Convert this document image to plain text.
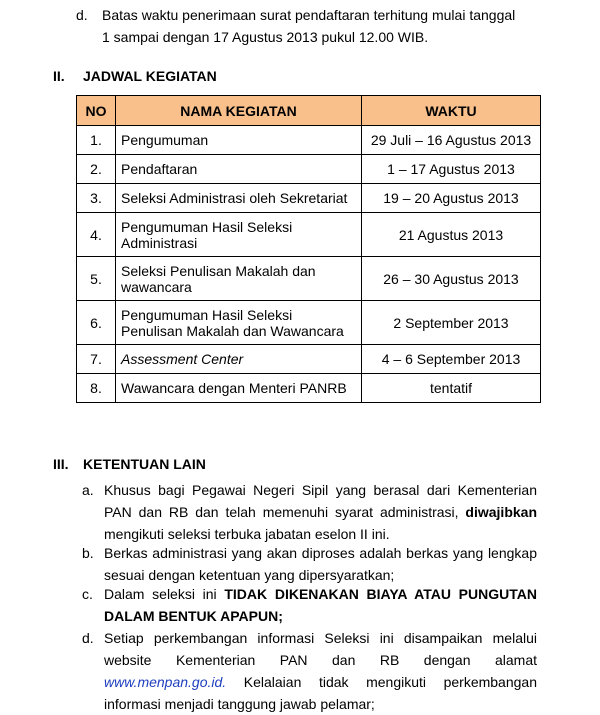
d. Batas waktu penerimaan surat pendaftaran terhitung mulai tanggal
1 sampai dengan 17 Agustus 2013 pukul 12.00 WIB.
II. JADWAL KEGIATAN
NO	NAMA KEGIATAN	WAKTU
1.	Pengumuman	29 Juli – 16 Agustus 2013
2.	Pendaftaran	1 – 17 Agustus 2013
3.	Seleksi Administrasi oleh Sekretariat	19 – 20 Agustus 2013
4.	Pengumuman Hasil Seleksi Administrasi	21 Agustus 2013
5.	Seleksi Penulisan Makalah dan wawancara	26 – 30 Agustus 2013
6.	Pengumuman Hasil Seleksi Penulisan Makalah dan Wawancara	2 September 2013
7.	Assessment Center	4 – 6 September 2013
8.	Wawancara dengan Menteri PANRB	tentatif
III. KETENTUAN LAIN
a. Khusus bagi Pegawai Negeri Sipil yang berasal dari Kementerian PAN dan RB dan telah memenuhi syarat administrasi, diwajibkan mengikuti seleksi terbuka jabatan eselon II ini.
b. Berkas administrasi yang akan diproses adalah berkas yang lengkap sesuai dengan ketentuan yang dipersyaratkan;
c. Dalam seleksi ini TIDAK DIKENAKAN BIAYA ATAU PUNGUTAN DALAM BENTUK APAPUN;
d. Setiap perkembangan informasi Seleksi ini disampaikan melalui website Kementerian PAN dan RB dengan alamat www.menpan.go.id. Kelalaian tidak mengikuti perkembangan informasi menjadi tanggung jawab pelamar;
